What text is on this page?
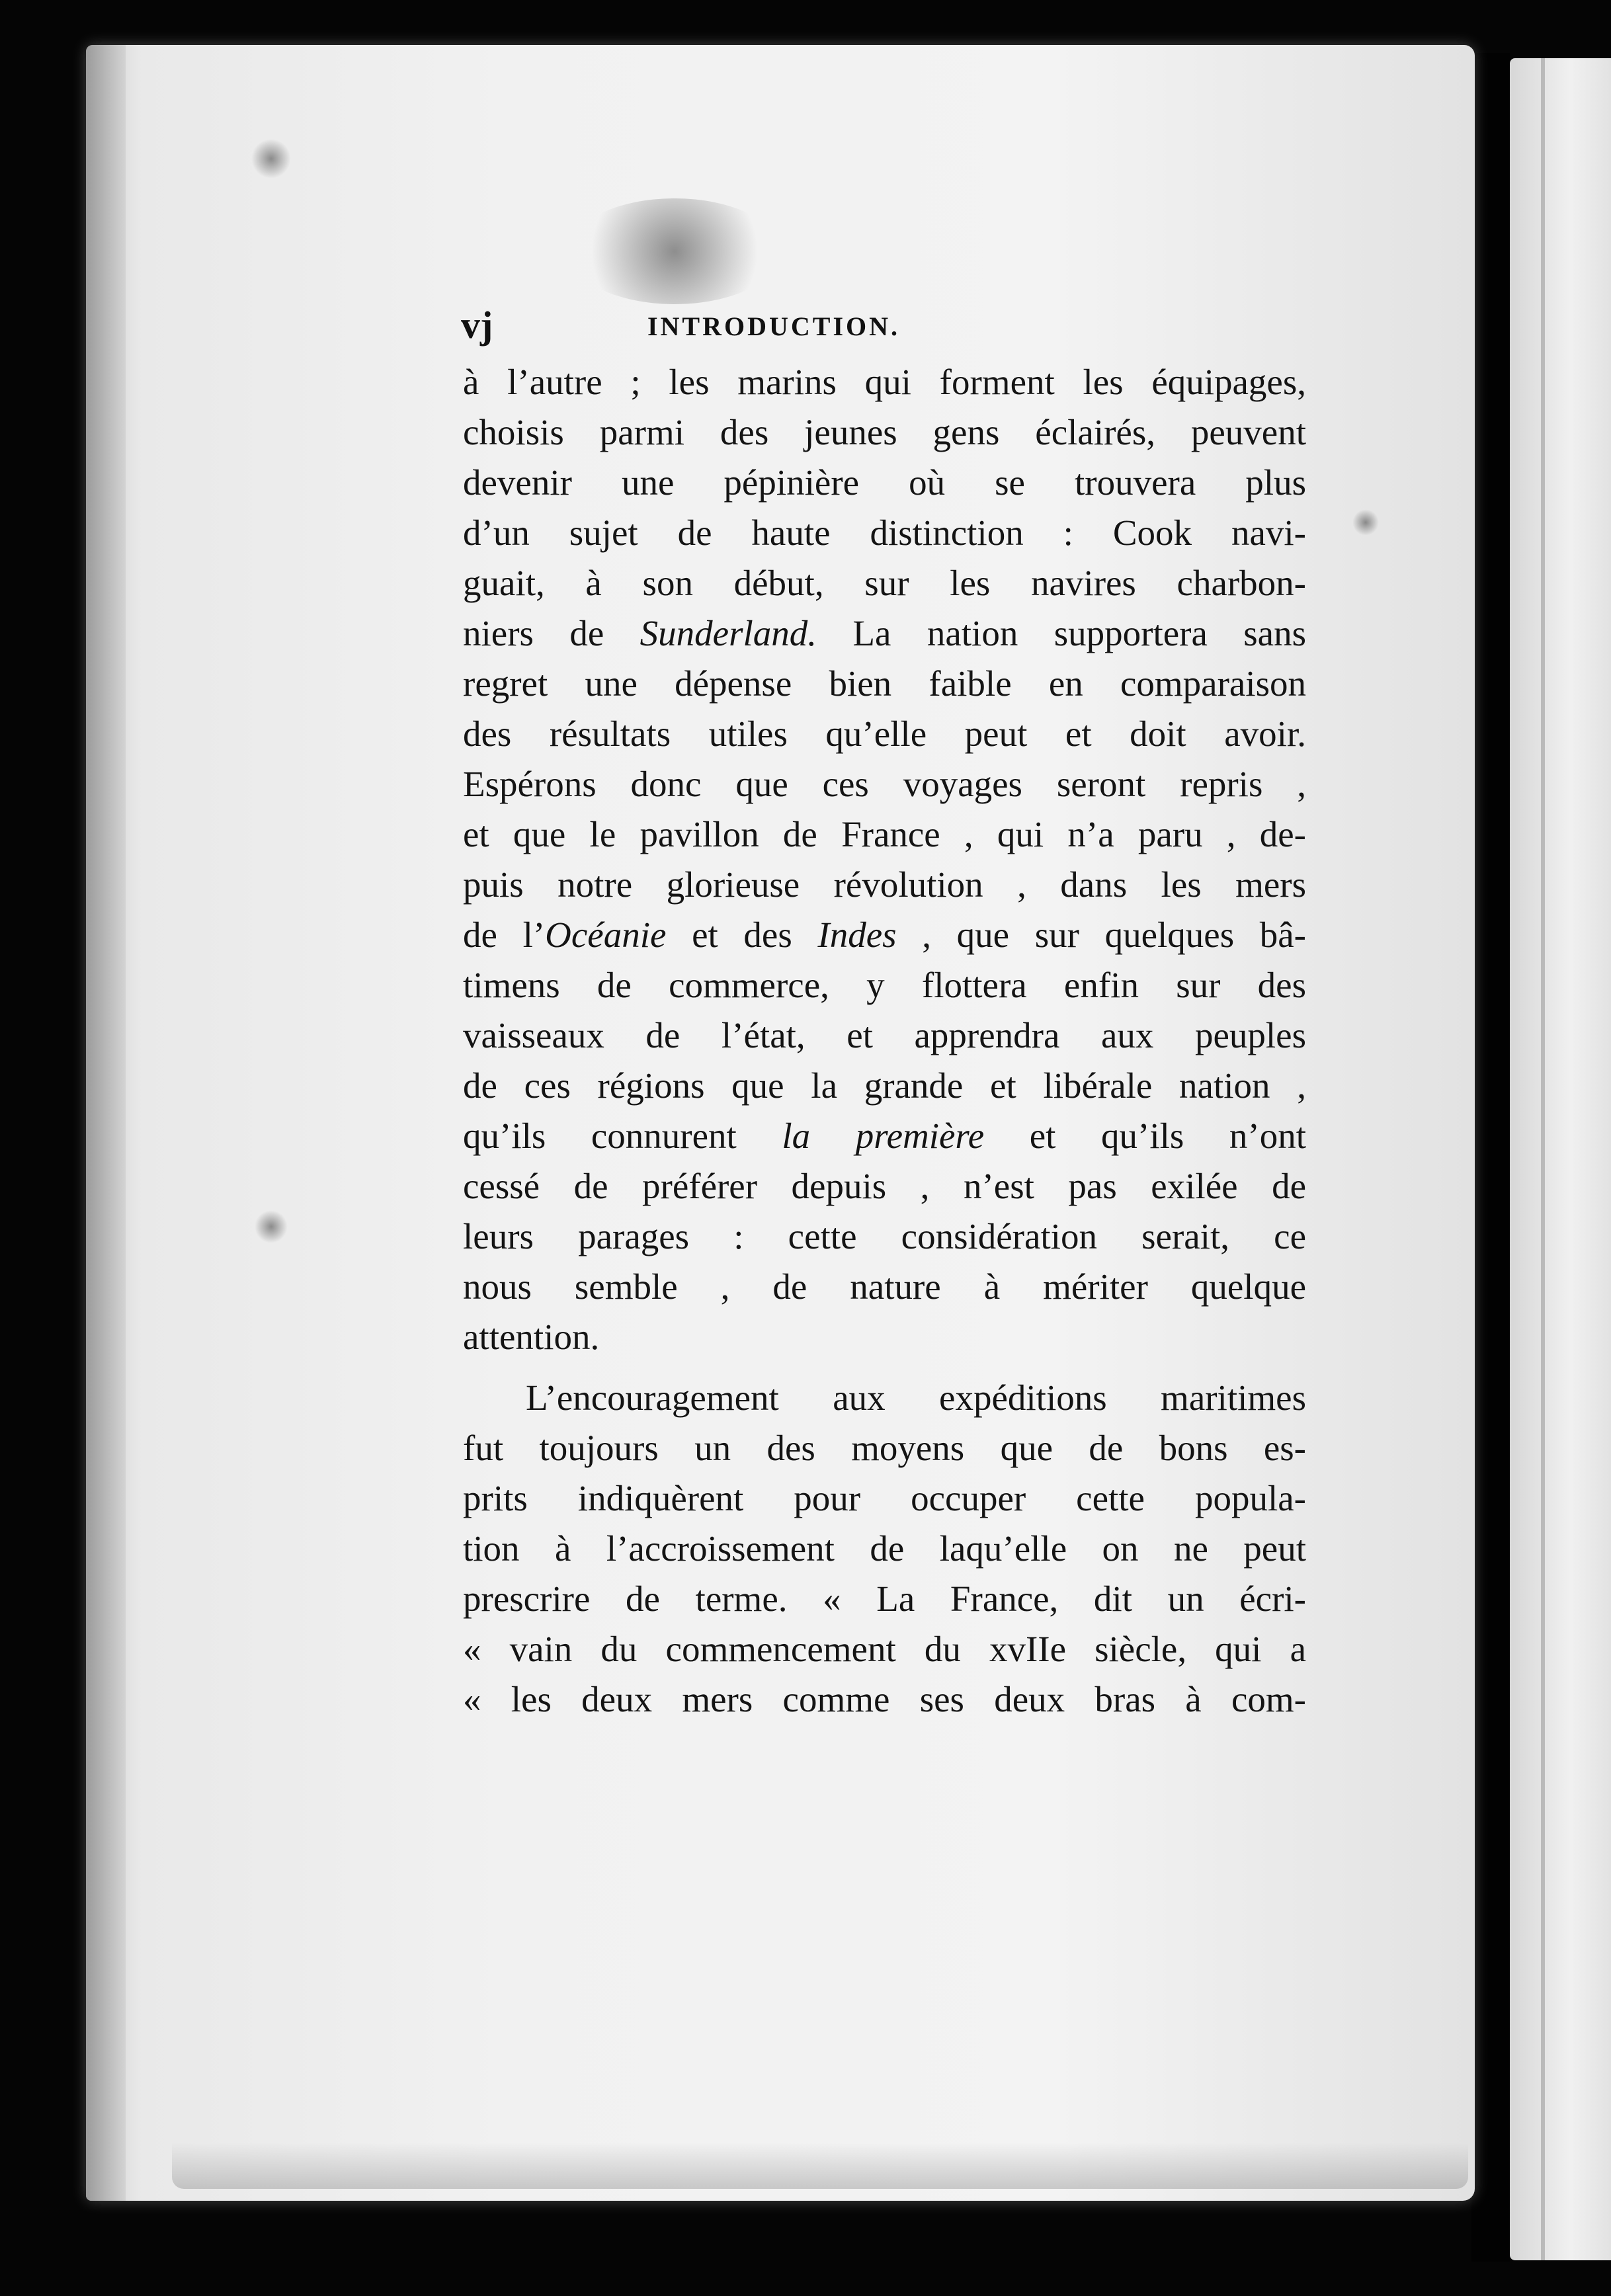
vj	INTRODUCTION.
à l’autre ; les marins qui forment les équipages,
choisis parmi des jeunes gens éclairés, peuvent
devenir une pépinière où se trouvera plus
d’un sujet de haute distinction : Cook navi-
guait, à son début, sur les navires charbon-
niers de Sunderland. La nation supportera sans
regret une dépense bien faible en comparaison
des résultats utiles qu’elle peut et doit avoir.
Espérons donc que ces voyages seront repris ,
et que le pavillon de France , qui n’a paru , de-
puis notre glorieuse révolution , dans les mers
de l’Océanie et des Indes , que sur quelques bâ-
timens de commerce, y flottera enfin sur des
vaisseaux de l’état, et apprendra aux peuples
de ces régions que la grande et libérale nation ,
qu’ils connurent la première et qu’ils n’ont
cessé de préférer depuis , n’est pas exilée de
leurs parages : cette considération serait, ce
nous semble , de nature à mériter quelque
attention.
L’encouragement aux expéditions maritimes
fut toujours un des moyens que de bons es-
prits indiquèrent pour occuper cette popula-
tion à l’accroissement de laqu’elle on ne peut
prescrire de terme. « La France, dit un écri-
« vain du commencement du xvIIe siècle, qui a
« les deux mers comme ses deux bras à com-
